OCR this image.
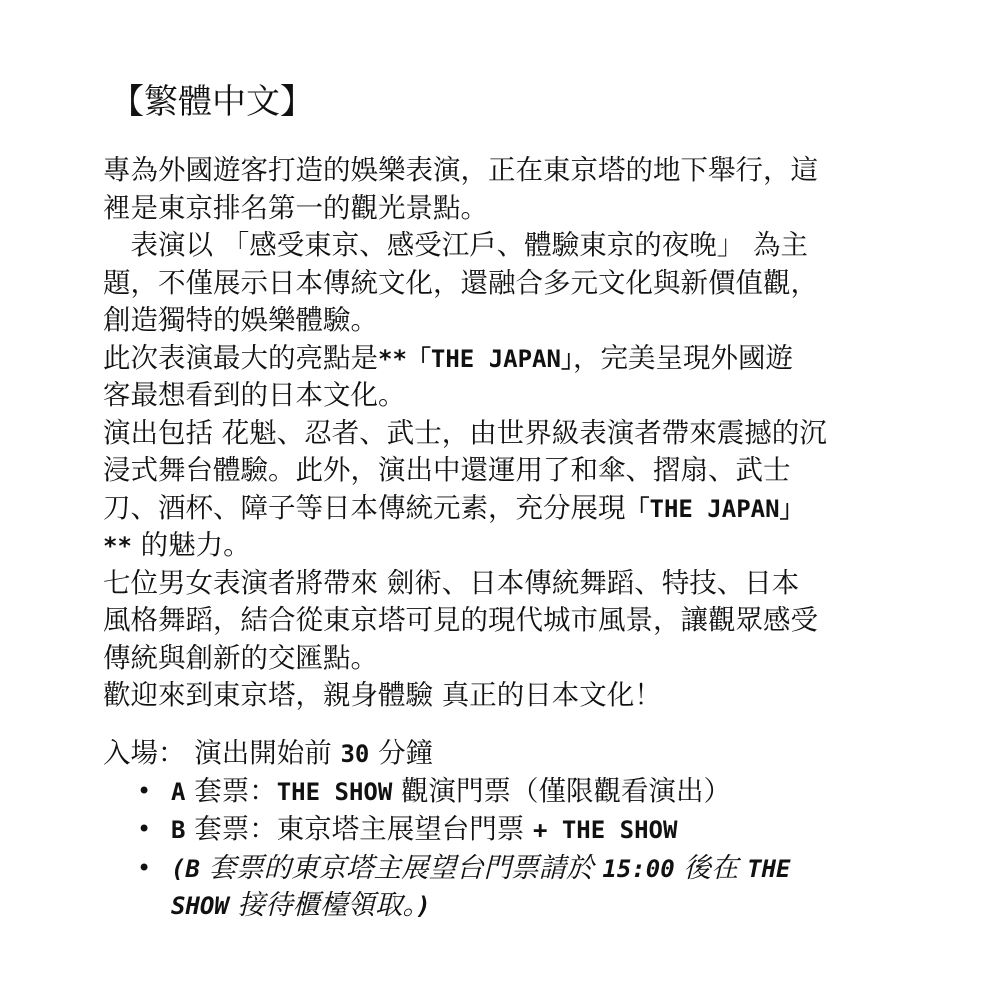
【繁體中文】
專為外國遊客打造的娛樂表演，正在東京塔的地下舉行，這
裡是東京排名第一的觀光景點。
　表演以 「感受東京、感受江戶、體驗東京的夜晚」 為主
題，不僅展示日本傳統文化，還融合多元文化與新價值觀，
創造獨特的娛樂體驗。
此次表演最大的亮點是**「THE JAPAN」，完美呈現外國遊
客最想看到的日本文化。
演出包括 花魁、忍者、武士，由世界級表演者帶來震撼的沉
浸式舞台體驗。此外，演出中還運用了和傘、摺扇、武士
刀、酒杯、障子等日本傳統元素，充分展現「THE JAPAN」
** 的魅力。
七位男女表演者將帶來 劍術、日本傳統舞蹈、特技、日本
風格舞蹈，結合從東京塔可見的現代城市風景，讓觀眾感受
傳統與創新的交匯點。
歡迎來到東京塔，親身體驗 真正的日本文化！
入場： 演出開始前 30 分鐘
• A 套票：THE SHOW 觀演門票（僅限觀看演出）
• B 套票：東京塔主展望台門票 + THE SHOW
• (B 套票的東京塔主展望台門票請於 15:00 後在 THE
SHOW 接待櫃檯領取。)
